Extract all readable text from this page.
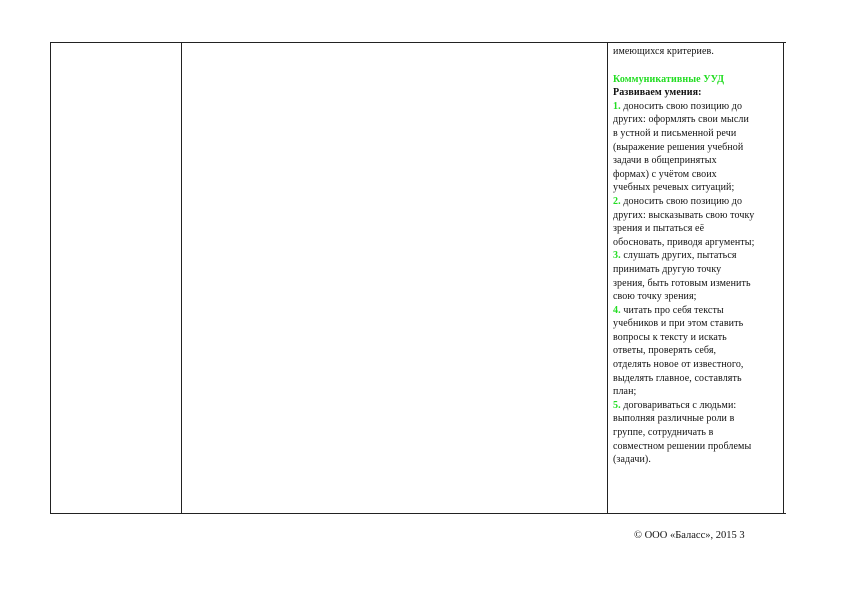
имеющихся критериев.
Коммуникативные УУД
Развиваем умения:
1. доносить свою позицию до
других: оформлять свои мысли
в устной и письменной речи
(выражение решения учебной
задачи в общепринятых
формах) с учётом своих
учебных речевых ситуаций;
2. доносить свою позицию до
других: высказывать свою точку
зрения и пытаться её
обосновать, приводя аргументы;
3. слушать других, пытаться
принимать другую точку
зрения, быть готовым изменить
свою точку зрения;
4. читать про себя тексты
учебников и при этом ставить
вопросы к тексту и искать
ответы, проверять себя,
отделять новое от известного,
выделять главное, составлять
план;
5. договариваться с людьми:
выполняя различные роли в
группе, сотрудничать в
совместном решении проблемы
(задачи).
© ООО «Баласс», 2015 3
